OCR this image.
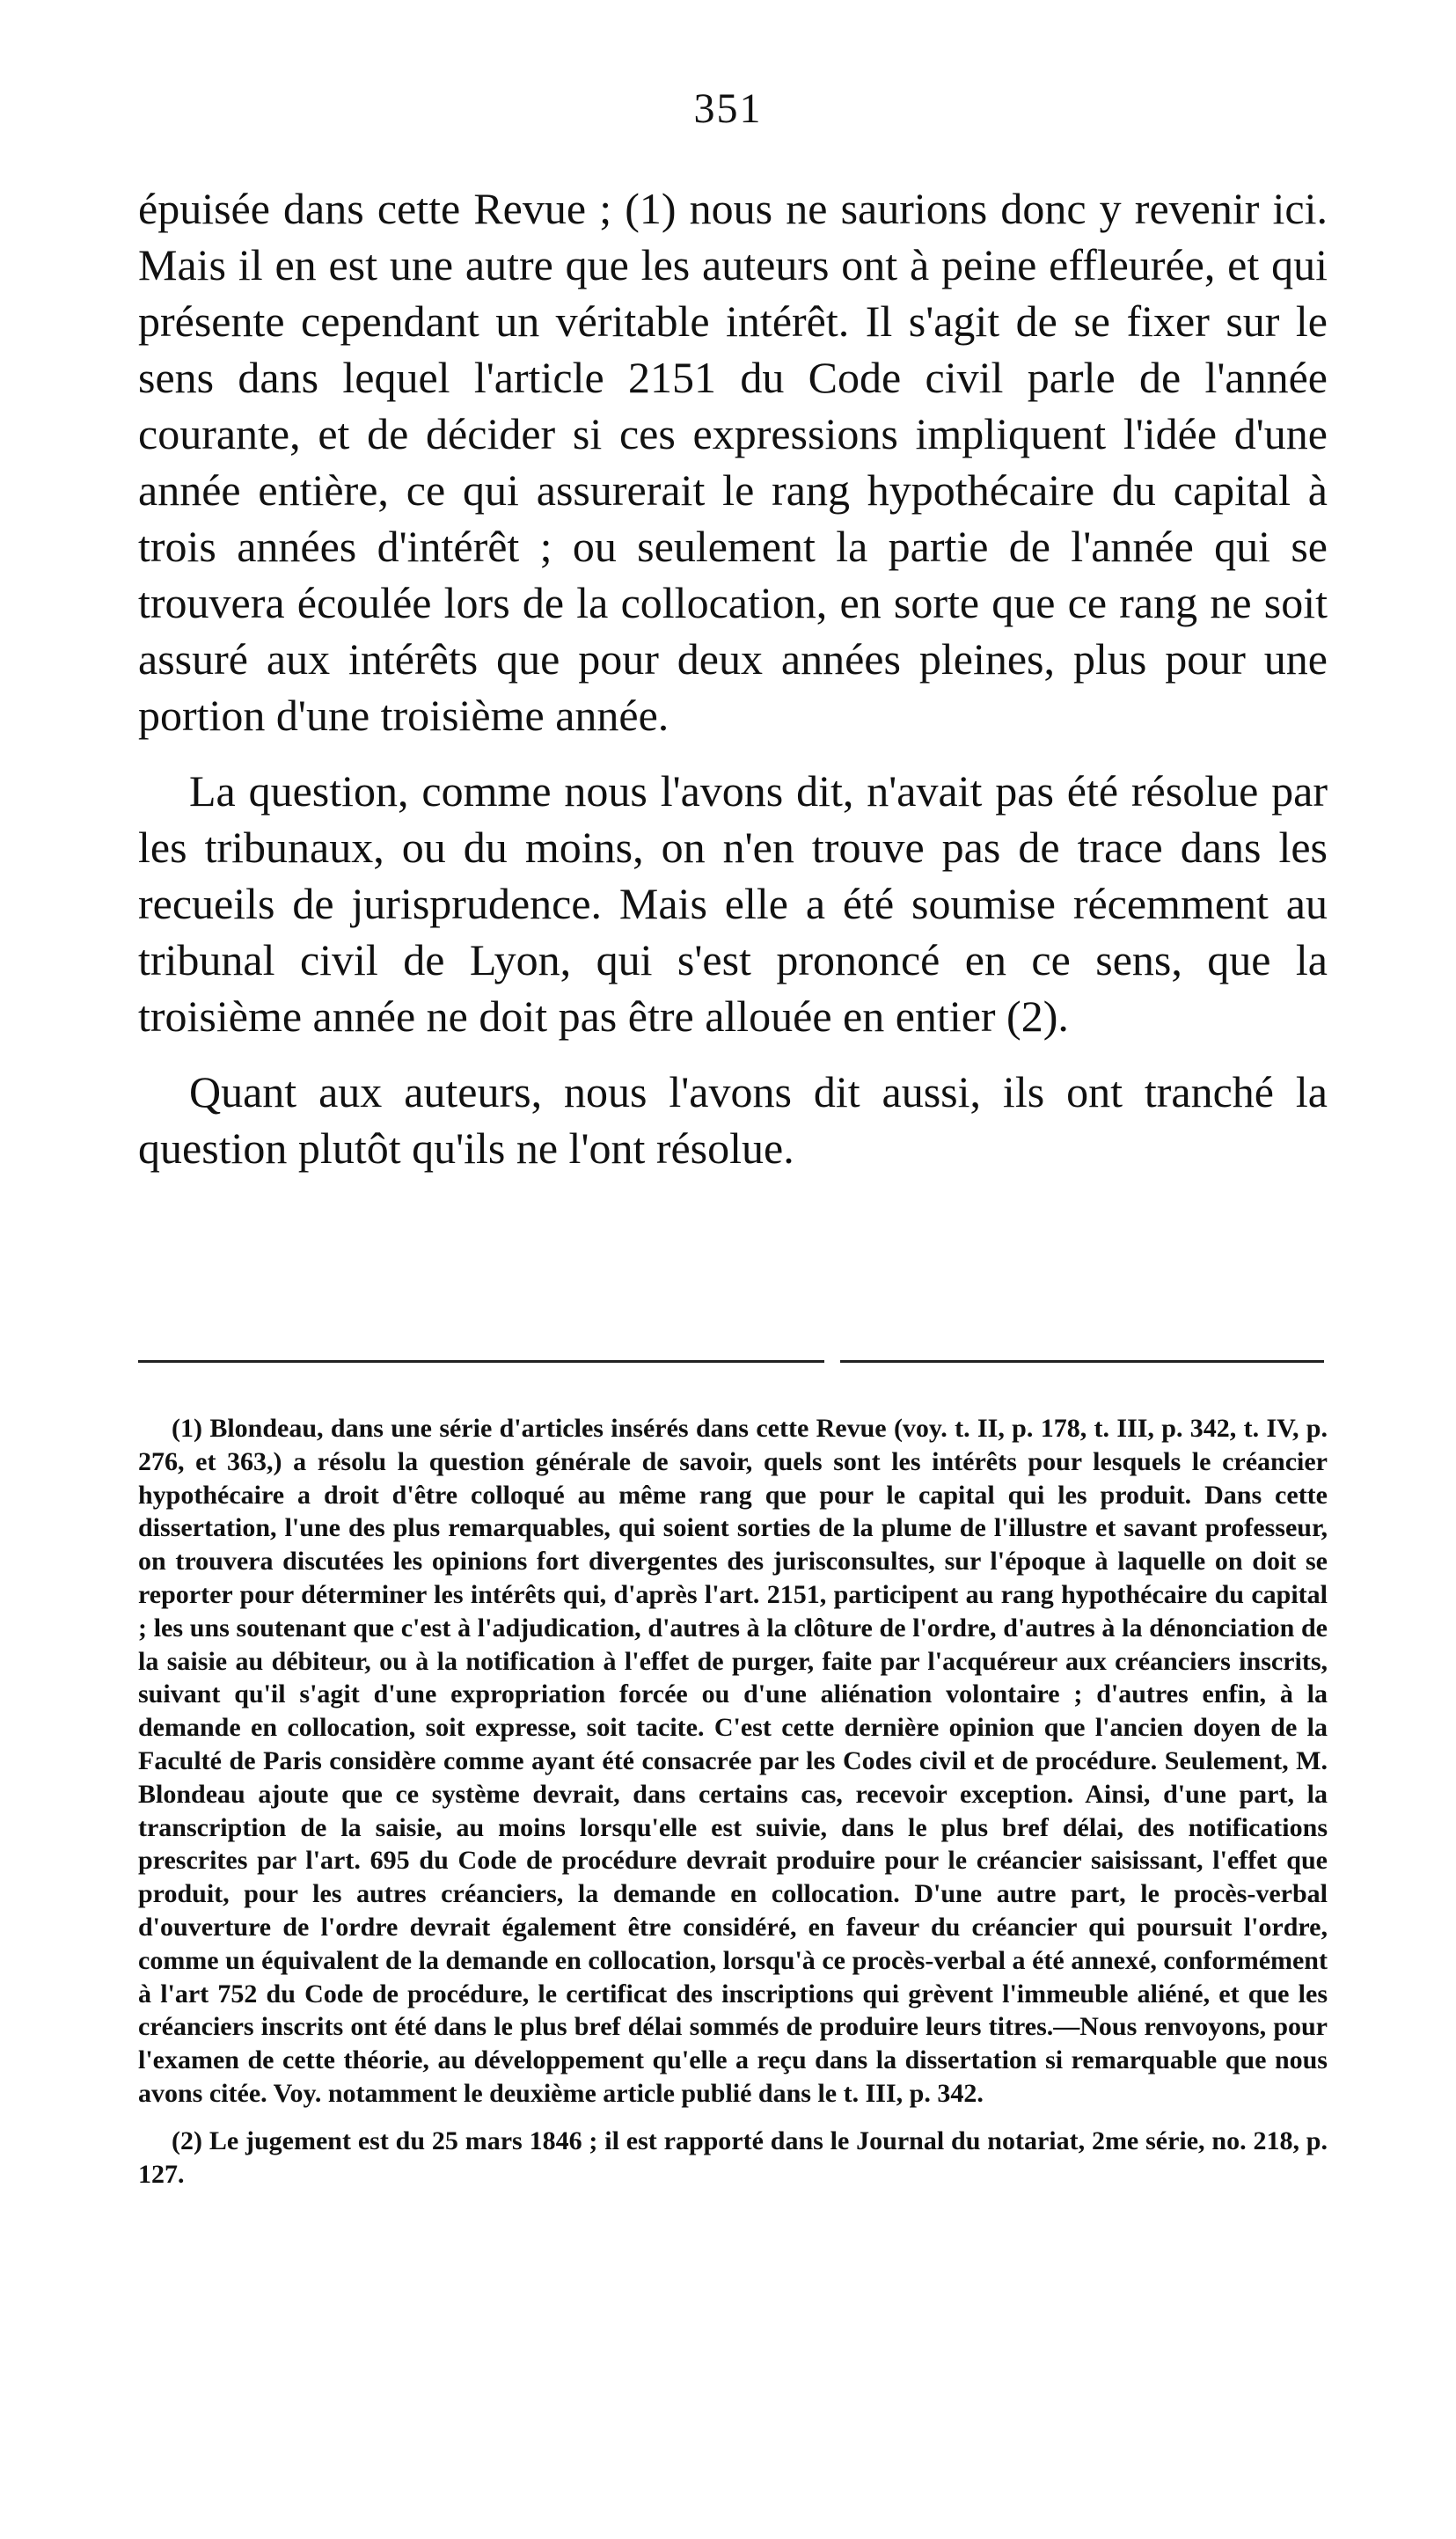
351

épuisée dans cette Revue ; (1) nous ne saurions donc y revenir ici. Mais il en est une autre que les auteurs ont à peine effleurée, et qui présente cependant un véritable intérêt. Il s'agit de se fixer sur le sens dans lequel l'article 2151 du Code civil parle de l'année courante, et de décider si ces expressions impliquent l'idée d'une année entière, ce qui assurerait le rang hypothécaire du capital à trois années d'intérêt ; ou seulement la partie de l'année qui se trouvera écoulée lors de la collocation, en sorte que ce rang ne soit assuré aux intérêts que pour deux années pleines, plus pour une portion d'une troisième année.

La question, comme nous l'avons dit, n'avait pas été résolue par les tribunaux, ou du moins, on n'en trouve pas de trace dans les recueils de jurisprudence. Mais elle a été soumise récemment au tribunal civil de Lyon, qui s'est prononcé en ce sens, que la troisième année ne doit pas être allouée en entier (2).

Quant aux auteurs, nous l'avons dit aussi, ils ont tranché la question plutôt qu'ils ne l'ont résolue.

(1) Blondeau, dans une série d'articles insérés dans cette Revue (voy. t. II, p. 178, t. III, p. 342, t. IV, p. 276, et 363,) a résolu la question générale de savoir, quels sont les intérêts pour lesquels le créancier hypothécaire a droit d'être colloqué au même rang que pour le capital qui les produit. Dans cette dissertation, l'une des plus remarquables, qui soient sorties de la plume de l'illustre et savant professeur, on trouvera discutées les opinions fort divergentes des jurisconsultes, sur l'époque à laquelle on doit se reporter pour déterminer les intérêts qui, d'après l'art. 2151, participent au rang hypothécaire du capital ; les uns soutenant que c'est à l'adjudication, d'autres à la clôture de l'ordre, d'autres à la dénonciation de la saisie au débiteur, ou à la notification à l'effet de purger, faite par l'acquéreur aux créanciers inscrits, suivant qu'il s'agit d'une expropriation forcée ou d'une aliénation volontaire ; d'autres enfin, à la demande en collocation, soit expresse, soit tacite. C'est cette dernière opinion que l'ancien doyen de la Faculté de Paris considère comme ayant été consacrée par les Codes civil et de procédure. Seulement, M. Blondeau ajoute que ce système devrait, dans certains cas, recevoir exception. Ainsi, d'une part, la transcription de la saisie, au moins lorsqu'elle est suivie, dans le plus bref délai, des notifications prescrites par l'art. 695 du Code de procédure devrait produire pour le créancier saisissant, l'effet que produit, pour les autres créanciers, la demande en collocation. D'une autre part, le procès-verbal d'ouverture de l'ordre devrait également être considéré, en faveur du créancier qui poursuit l'ordre, comme un équivalent de la demande en collocation, lorsqu'à ce procès-verbal a été annexé, conformément à l'art 752 du Code de procédure, le certificat des inscriptions qui grèvent l'immeuble aliéné, et que les créanciers inscrits ont été dans le plus bref délai sommés de produire leurs titres.—Nous renvoyons, pour l'examen de cette théorie, au développement qu'elle a reçu dans la dissertation si remarquable que nous avons citée. Voy. notamment le deuxième article publié dans le t. III, p. 342.

(2) Le jugement est du 25 mars 1846 ; il est rapporté dans le Journal du notariat, 2me série, no. 218, p. 127.
